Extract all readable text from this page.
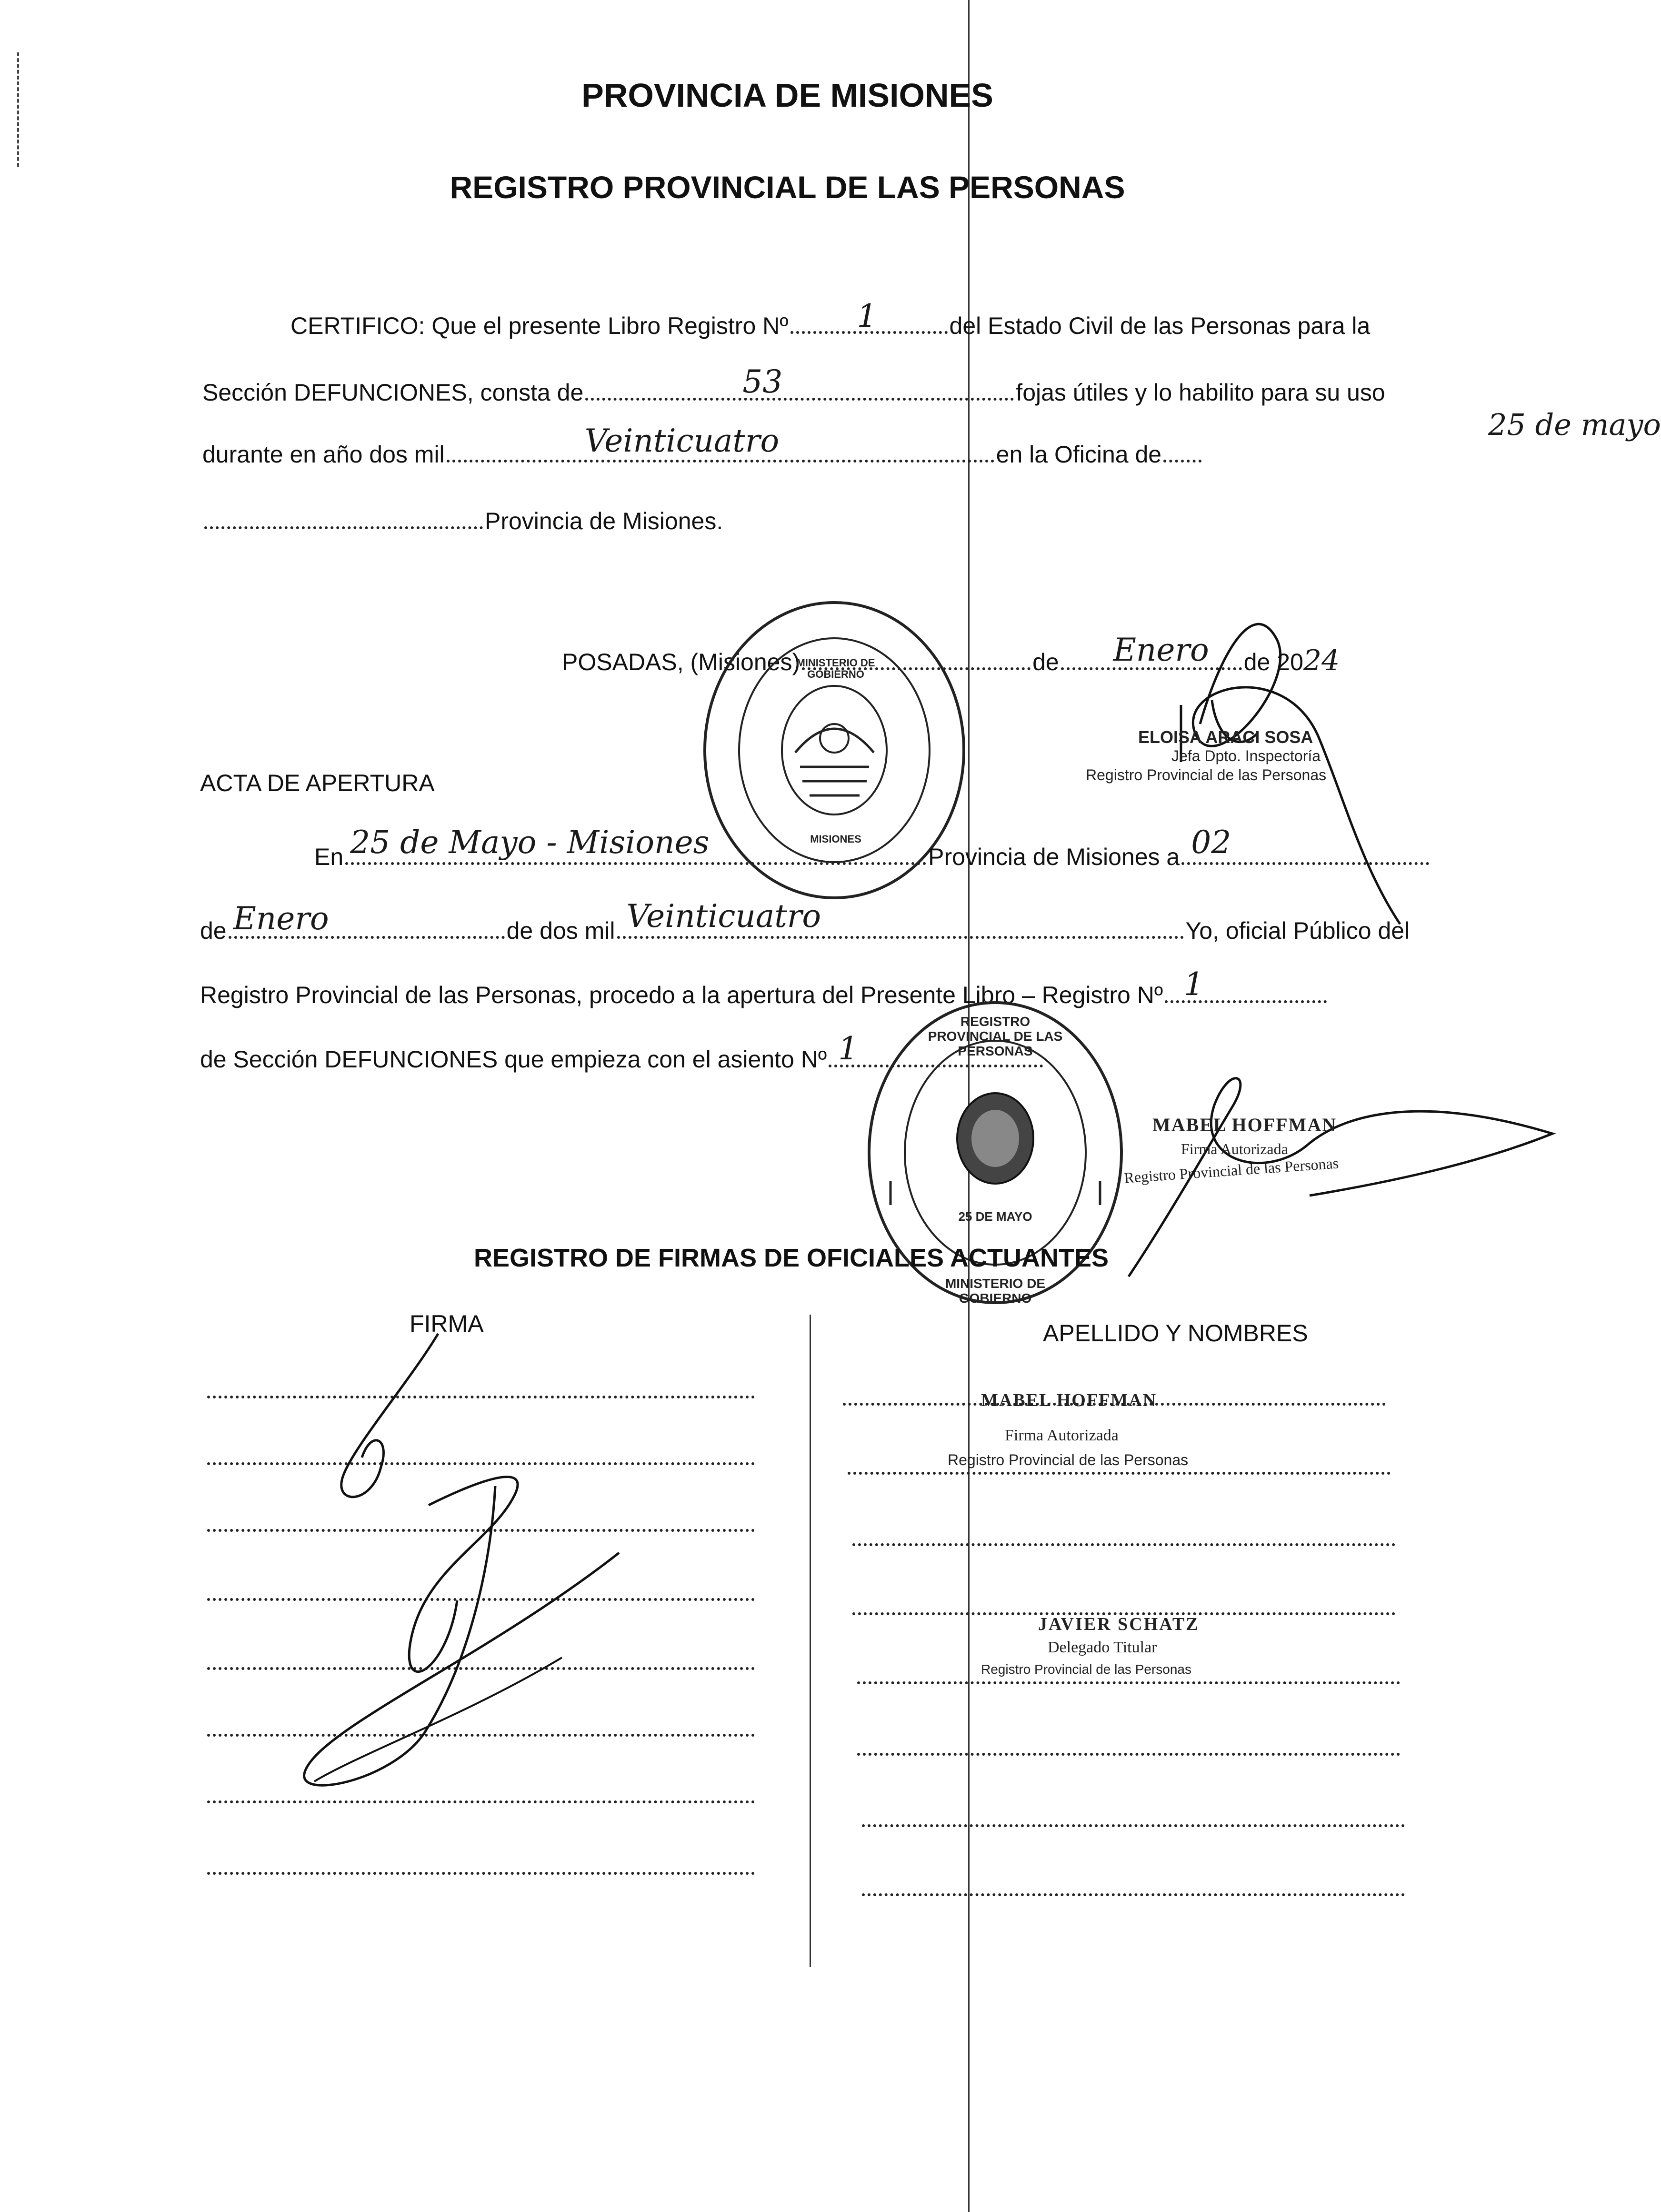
PROVINCIA DE MISIONES
REGISTRO PROVINCIAL DE LAS PERSONAS
CERTIFICO: Que el presente Libro Registro Nº 1	del Estado Civil de las Personas para la
Sección DEFUNCIONES, consta de	53	fojas útiles y lo habilito para su uso
durante en año dos mil	Veinticuatro	en la Oficina de
25 de mayo
Provincia de Misiones.
POSADAS, (Misiones)	de Enero de 2024
MINISTERIO DE GOBIERNO
MISIONES
ELOISA ARACI SOSA
Jefa Dpto. Inspectoría
Registro Provincial de las Personas
ACTA DE APERTURA
En 25 de Mayo - Misiones	Provincia de Misiones a 02
de Enero	de dos mil Veinticuatro	Yo, oficial Público del
Registro Provincial de las Personas, procedo a la apertura del Presente Libro – Registro Nº 1
de Sección DEFUNCIONES que empieza con el asiento Nº 1
REGISTRO PROVINCIAL DE LAS PERSONAS
25 DE MAYO
MINISTERIO DE GOBIERNO
MABEL HOFFMAN
Firma Autorizada
Registro Provincial de las Personas
REGISTRO DE FIRMAS DE OFICIALES ACTUANTES
FIRMA	APELLIDO Y NOMBRES
MABEL HOFFMAN
Firma Autorizada
Registro Provincial de las Personas
JAVIER SCHATZ
Delegado Titular
Registro Provincial de las Personas
